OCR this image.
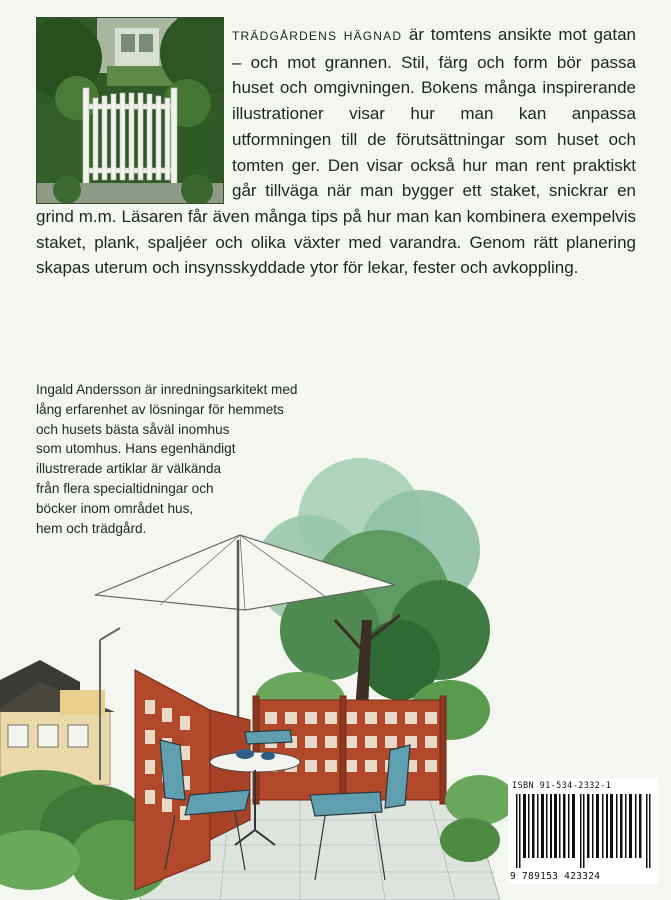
TRÄDGÅRDENS HÄGNAD är tomtens ansikte mot gatan – och mot grannen. Stil, färg och form bör passa huset och omgivningen. Bokens många inspirerande illustrationer visar hur man kan anpassa utformningen till de förutsättningar som huset och tomten ger. Den visar också hur man rent praktiskt går tillväga när man bygger ett staket, snickrar en grind m.m. Läsaren får även många tips på hur man kan kombinera exempelvis staket, plank, spaljéer och olika växter med varandra. Genom rätt planering skapas uterum och insynsskyddade ytor för lekar, fester och avkoppling.

Ingald Andersson är inredningsarkitekt med
lång erfarenhet av lösningar för hemmets
och husets bästa såväl inomhus
som utomhus. Hans egenhändigt
illustrerade artiklar är välkända
från flera specialtidningar och
böcker inom området hus,
hem och trädgård.

ISBN 91-534-2332-1
9 789153 423324
